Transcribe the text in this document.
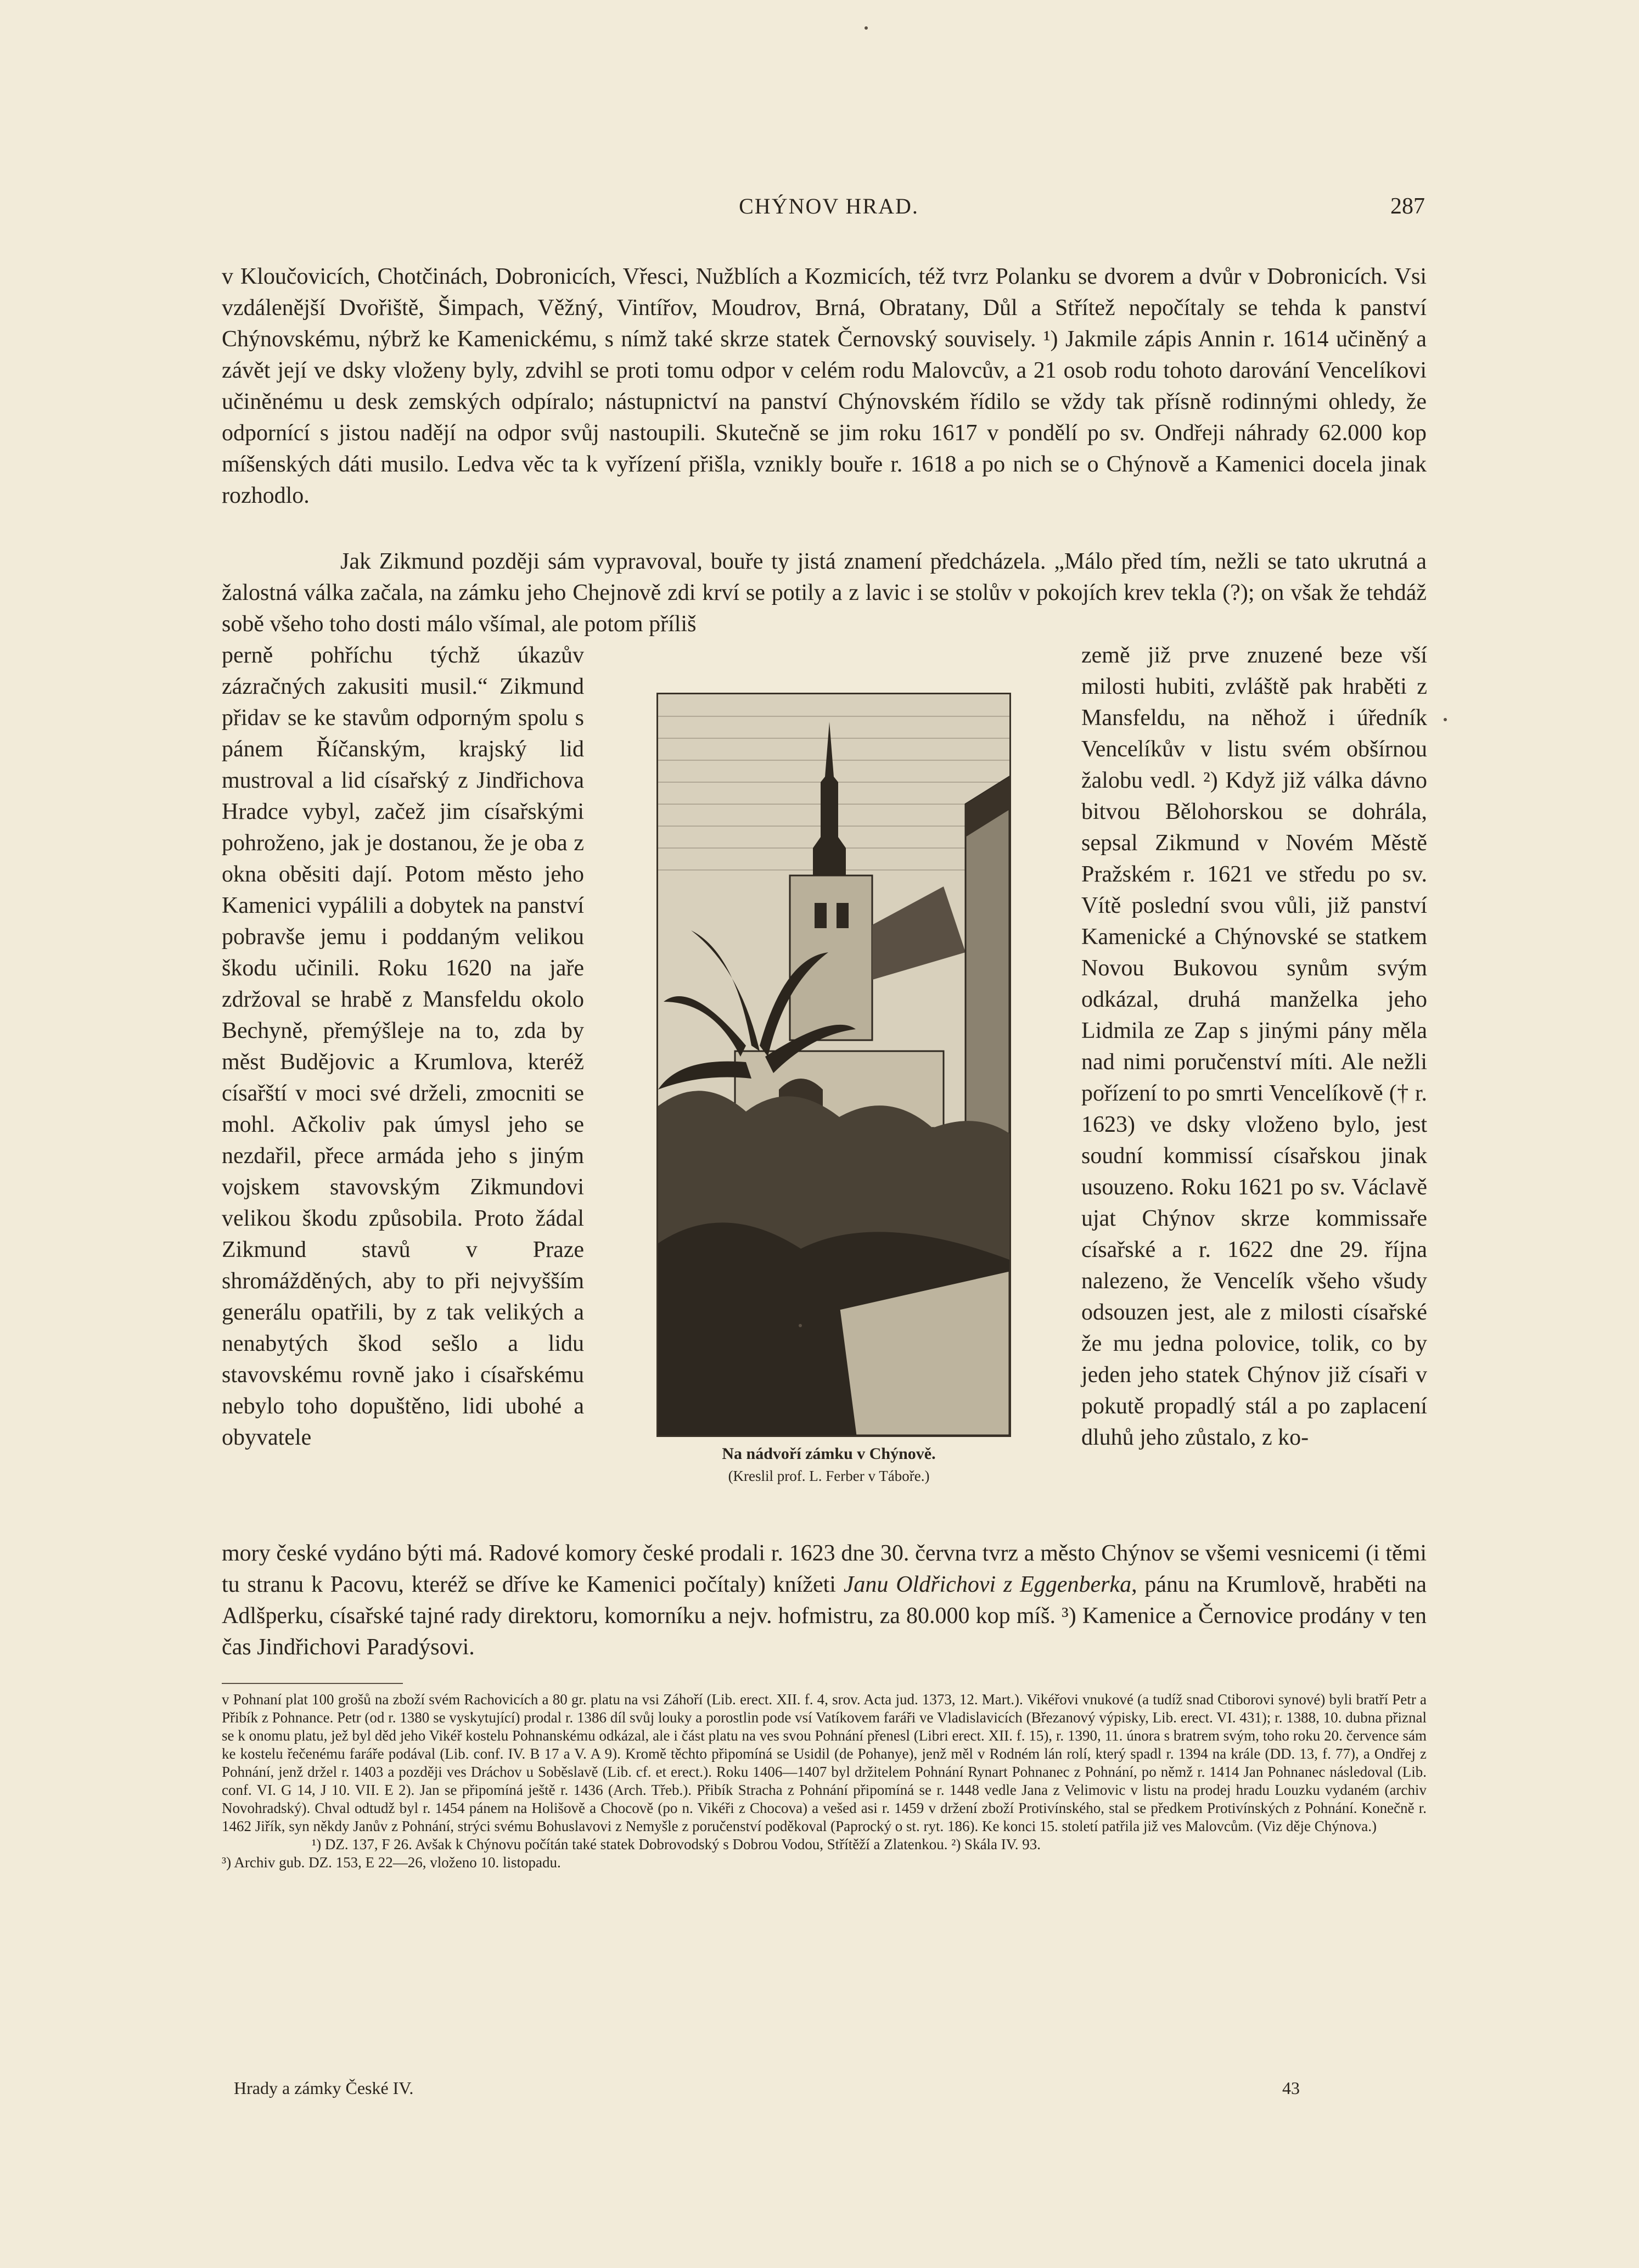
CHÝNOV HRAD.	287

v Kloučovicích, Chotčinách, Dobronicích, Vřesci, Nužblích a Kozmicích, též tvrz Polanku se dvorem a dvůr v Dobronicích. Vsi vzdálenější Dvořiště, Šimpach, Věžný, Vintířov, Moudrov, Brná, Obratany, Důl a Střítež nepočítaly se tehda k panství Chýnovskému, nýbrž ke Kamenickému, s nímž také skrze statek Černovský souvisely. ¹) Jakmile zápis Annin r. 1614 učiněný a závět její ve dsky vloženy byly, zdvihl se proti tomu odpor v celém rodu Malovcův, a 21 osob rodu tohoto darování Vencelíkovi učiněnému u desk zemských odpíralo; nástupnictví na panství Chýnovském řídilo se vždy tak přísně rodinnými ohledy, že odpornící s jistou nadějí na odpor svůj nastoupili. Skutečně se jim roku 1617 v pondělí po sv. Ondřeji náhrady 62.000 kop míšenských dáti musilo. Ledva věc ta k vyřízení přišla, vznikly bouře r. 1618 a po nich se o Chýnově a Kamenici docela jinak rozhodlo.

Jak Zikmund později sám vypravoval, bouře ty jistá znamení předcházela. „Málo před tím, nežli se tato ukrutná a žalostná válka začala, na zámku jeho Chejnově zdi krví se potily a z lavic i se stolův v pokojích krev tekla (?); on však že tehdáž sobě všeho toho dosti málo všímal, ale potom příliš

perně pohříchu týchž úkazův zázračných zakusiti musil.“ Zikmund přidav se ke stavům odporným spolu s pánem Říčanským, krajský lid mustroval a lid císařský z Jindřichova Hradce vybyl, začež jim císařskými pohroženo, jak je dostanou, že je oba z okna oběsiti dají. Potom město jeho Kamenici vypálili a dobytek na panství pobravše jemu i poddaným velikou škodu učinili. Roku 1620 na jaře zdržoval se hrabě z Mansfeldu okolo Bechyně, přemýšleje na to, zda by měst Budějovic a Krumlova, kteréž císařští v moci své drželi, zmocniti se mohl. Ačkoliv pak úmysl jeho se nezdařil, přece armáda jeho s jiným vojskem stavovským Zikmundovi velikou škodu způsobila. Proto žádal Zikmund stavů v Praze shromážděných, aby to při nejvyšším generálu opatřili, by z tak velikých a nenabytých škod sešlo a lidu stavovskému rovně jako i císařskému nebylo toho dopuštěno, lidi ubohé a obyvatele
Na nádvoří zámku v Chýnově.
(Kreslil prof. L. Ferber v Táboře.)
země již prve znuzené beze vší milosti hubiti, zvláště pak hraběti z Mansfeldu, na něhož i úředník Vencelíkův v listu svém obšírnou žalobu vedl. ²) Když již válka dávno bitvou Bělohorskou se dohrála, sepsal Zikmund v Novém Městě Pražském r. 1621 ve středu po sv. Vítě poslední svou vůli, již panství Kamenické a Chýnovské se statkem Novou Bukovou synům svým odkázal, druhá manželka jeho Lidmila ze Zap s jinými pány měla nad nimi poručenství míti. Ale nežli pořízení to po smrti Vencelíkově († r. 1623) ve dsky vloženo bylo, jest soudní kommissí císařskou jinak usouzeno. Roku 1621 po sv. Václavě ujat Chýnov skrze kommissaře císařské a r. 1622 dne 29. října nalezeno, že Vencelík všeho všudy odsouzen jest, ale z milosti císařské že mu jedna polovice, tolik, co by jeden jeho statek Chýnov již císaři v pokutě propadlý stál a po zaplacení dluhů jeho zůstalo, z ko-
mory české vydáno býti má. Radové komory české prodali r. 1623 dne 30. června tvrz a město Chýnov se všemi vesnicemi (i těmi tu stranu k Pacovu, kteréž se dříve ke Kamenici počítaly) knížeti Janu Oldřichovi z Eggenberka, pánu na Krumlově, hraběti na Adlšperku, císařské tajné rady direktoru, komorníku a nejv. hofmistru, za 80.000 kop míš. ³) Kamenice a Černovice prodány v ten čas Jindřichovi Paradýsovi.

v Pohnaní plat 100 grošů na zboží svém Rachovicích a 80 gr. platu na vsi Záhoří (Lib. erect. XII. f. 4, srov. Acta jud. 1373, 12. Mart.). Vikéřovi vnukové (a tudíž snad Ctiborovi synové) byli bratří Petr a Přibík z Pohnance. Petr (od r. 1380 se vyskytující) prodal r. 1386 díl svůj louky a porostlin pode vsí Vatíkovem faráři ve Vladislavicích (Březanový výpisky, Lib. erect. VI. 431); r. 1388, 10. dubna přiznal se k onomu platu, jež byl děd jeho Vikéř kostelu Pohnanskému odkázal, ale i část platu na ves svou Pohnání přenesl (Libri erect. XII. f. 15), r. 1390, 11. února s bratrem svým, toho roku 20. července sám ke kostelu řečenému faráře podával (Lib. conf. IV. B 17 a V. A 9). Kromě těchto připomíná se Usidil (de Pohanye), jenž měl v Rodném lán rolí, který spadl r. 1394 na krále (DD. 13, f. 77), a Ondřej z Pohnání, jenž držel r. 1403 a později ves Dráchov u Soběslavě (Lib. cf. et erect.). Roku 1406—1407 byl držitelem Pohnání Rynart Pohnanec z Pohnání, po němž r. 1414 Jan Pohnanec následoval (Lib. conf. VI. G 14, J 10. VII. E 2). Jan se připomíná ještě r. 1436 (Arch. Třeb.). Přibík Stracha z Pohnání připomíná se r. 1448 vedle Jana z Velimovic v listu na prodej hradu Louzku vydaném (archiv Novohradský). Chval odtudž byl r. 1454 pánem na Holišově a Chocově (po n. Vikéři z Chocova) a vešed asi r. 1459 v držení zboží Protivínského, stal se předkem Protivínských z Pohnání. Konečně r. 1462 Jiřík, syn někdy Janův z Pohnání, strýci svému Bohuslavovi z Nemyšle z poručenství poděkoval (Paprocký o st. ryt. 186). Ke konci 15. století patřila již ves Malovcům. (Viz děje Chýnova.)

¹) DZ. 137, F 26. Avšak k Chýnovu počítán také statek Dobrovodský s Dobrou Vodou, Střítěží a Zlatenkou. ²) Skála IV. 93.

³) Archiv gub. DZ. 153, E 22—26, vloženo 10. listopadu.

Hrady a zámky České IV.	43
